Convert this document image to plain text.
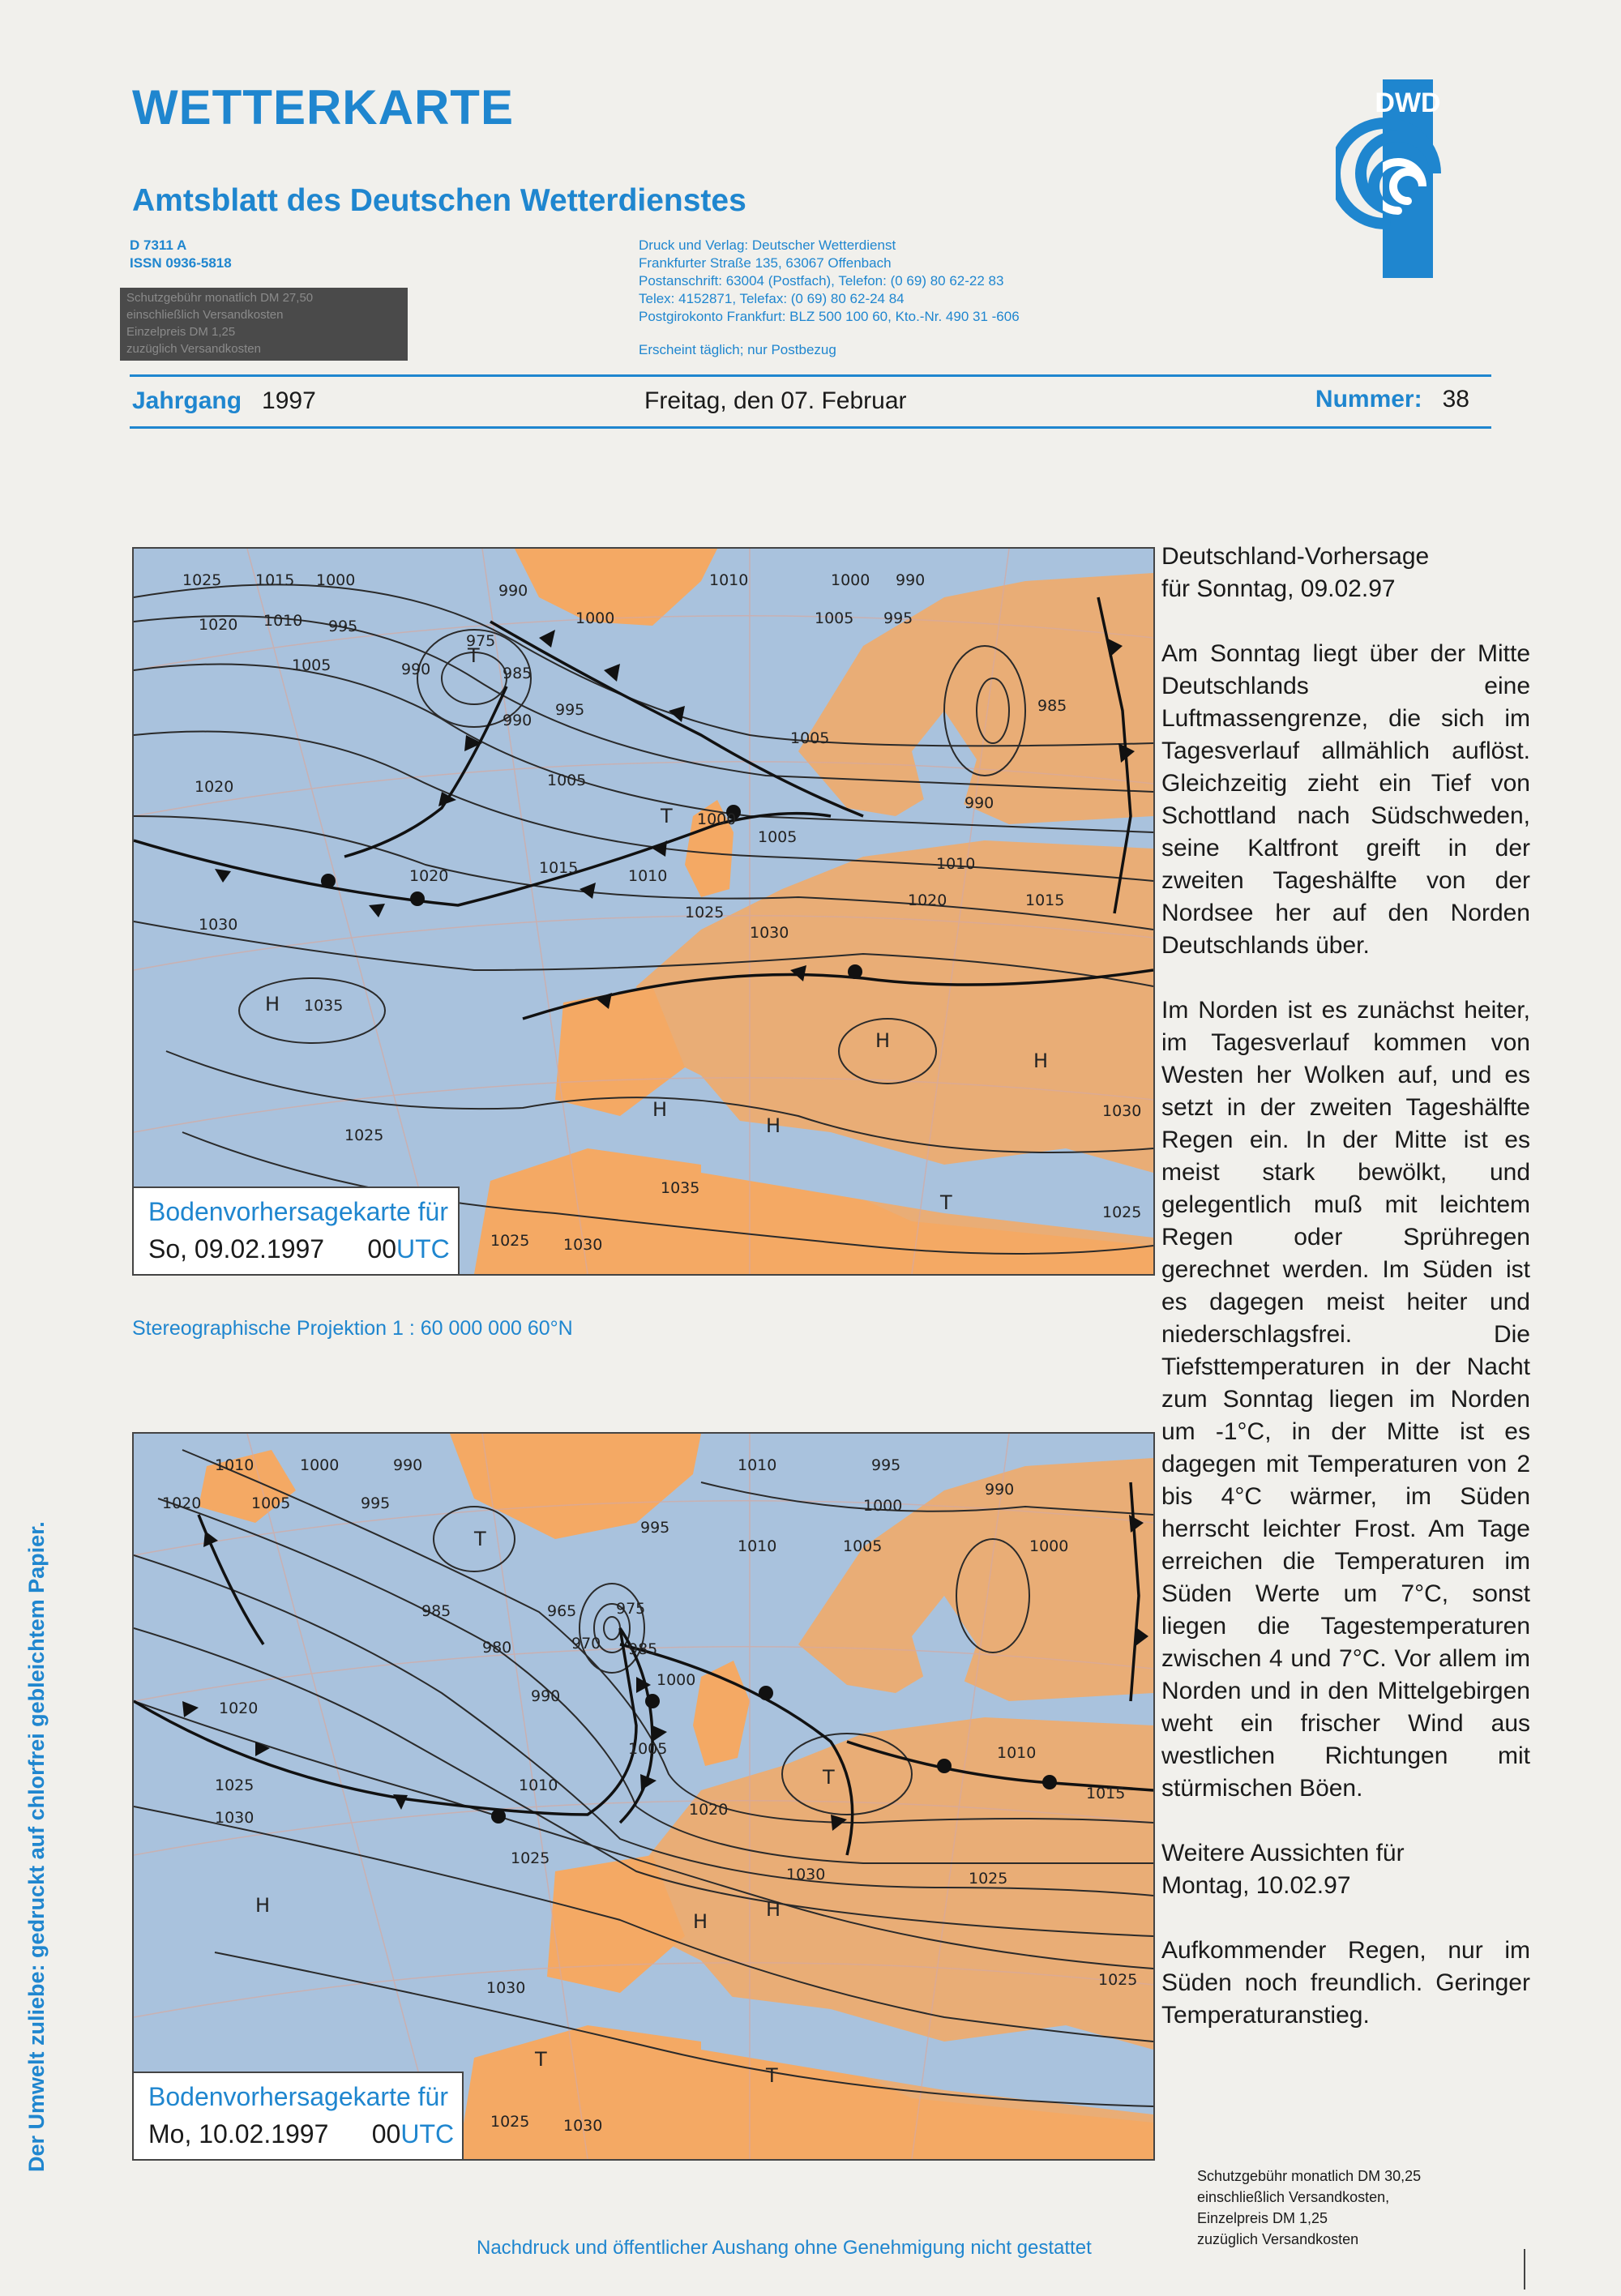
WETTERKARTE
Amtsblatt des Deutschen Wetterdienstes
D 7311 A
ISSN 0936-5818
Schutzgebühr monatlich DM 27,50
einschließlich Versandkosten
Einzelpreis DM 1,25
zuzüglich Versandkosten
Druck und Verlag: Deutscher Wetterdienst
Frankfurter Straße 135, 63067 Offenbach
Postanschrift: 63004 (Postfach), Telefon: (0 69) 80 62-22 83
Telex: 4152871, Telefax: (0 69) 80 62-24 84
Postgirokonto Frankfurt: BLZ 500 100 60, Kto.-Nr. 490 31 -606
Erscheint täglich; nur Postbezug
DWD
Jahrgang 1997	Freitag, den 07. Februar	Nummer: 38
1025 1015 1000
1020 1010 995
1005	990
990
975
985
1000
990
995
1005
1010	1000 990
1005 995
985
1020
1005
1005
990
1000
1015	1010
1010
1020	1015
1020
1030
1025
1030
1035
1025
1030
1035
1025 1030
1025
T
T
H
H
H
H
H
T
Bodenvorhersagekarte für
So, 09.02.1997 00UTC
Stereographische Projektion 1 : 60 000 000 60°N
1010	1000	990	1010	995
995
1020	1005
995
1000
990
1010	1005	1000
985	965	975
980	970 985
990
1000
1005
1010
1020
1015
1020
1025
1030
1025
1010
1030	1025
1025
1030
1025 1030
T
T
H
H
H
T
T
Bodenvorhersagekarte für
Mo, 10.02.1997 00UTC

Deutschland-Vorhersage

für Sonntag, 09.02.97

Am Sonntag liegt über der Mitte Deutschlands eine Luftmassengrenze, die sich im Tagesverlauf allmählich auflöst. Gleichzeitig zieht ein Tief von Schottland nach Südschweden, seine Kaltfront greift in der zweiten Tageshälfte von der Nordsee her auf den Norden Deutschlands über.

Im Norden ist es zunächst heiter, im Tagesverlauf kommen von Westen her Wolken auf, und es setzt in der zweiten Tageshälfte Regen ein. In der Mitte ist es meist stark bewölkt, und gelegentlich muß mit leichtem Regen oder Sprühregen gerechnet werden. Im Süden ist es dagegen meist heiter und niederschlagsfrei. Die Tiefsttemperaturen in der Nacht zum Sonntag liegen im Norden um -1°C, in der Mitte ist es dagegen mit Temperaturen von 2 bis 4°C wärmer, im Süden herrscht leichter Frost. Am Tage erreichen die Temperaturen im Süden Werte um 7°C, sonst liegen die Tagestemperaturen zwischen 4 und 7°C. Vor allem im Norden und in den Mittelgebirgen weht ein frischer Wind aus westlichen Richtungen mit stürmischen Böen.

Weitere Aussichten für

Montag, 10.02.97

Aufkommender Regen, nur im Süden noch freundlich. Geringer Temperaturanstieg.

Schutzgebühr monatlich DM 30,25
einschließlich Versandkosten,
Einzelpreis DM 1,25
zuzüglich Versandkosten
Der Umwelt zuliebe: gedruckt auf chlorfrei gebleichtem Papier.
Nachdruck und öffentlicher Aushang ohne Genehmigung nicht gestattet
